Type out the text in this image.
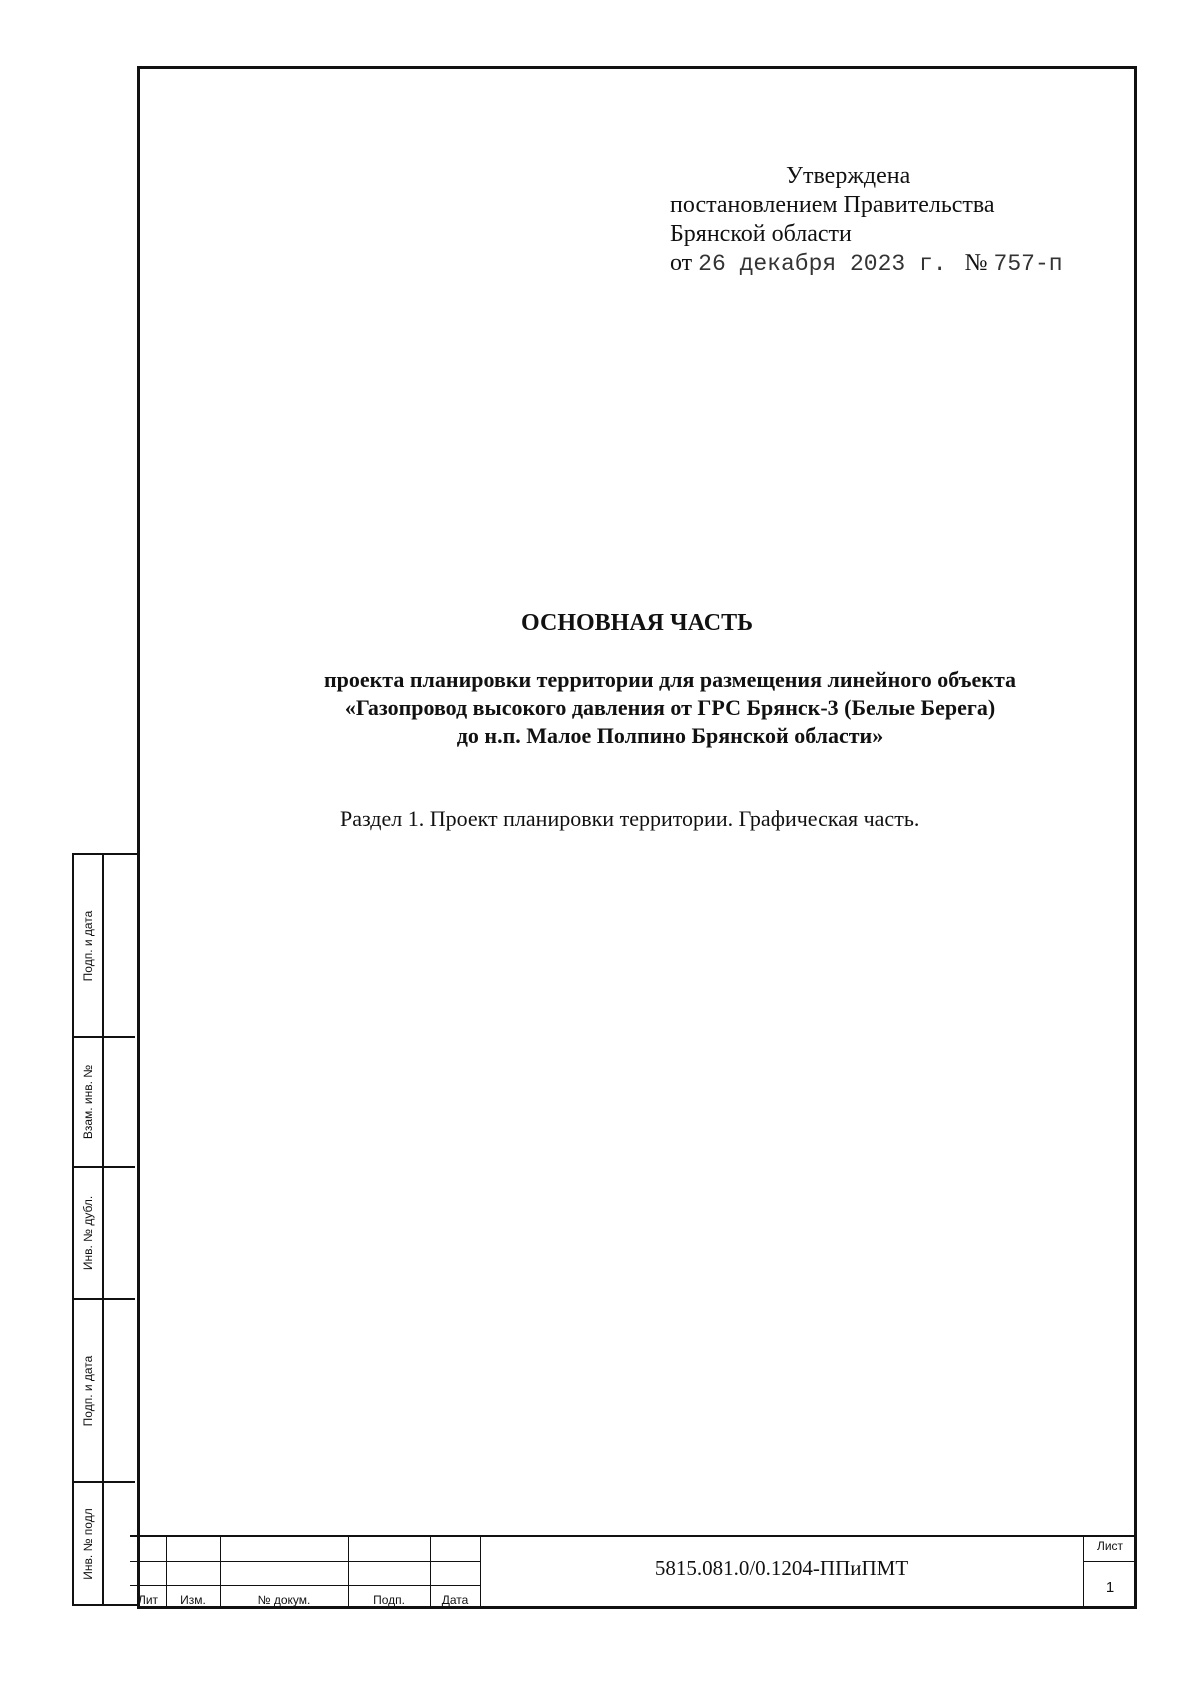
Утверждена
постановлением Правительства
Брянской области
от 26 декабря 2023 г. № 757-п
ОСНОВНАЯ ЧАСТЬ
проекта планировки территории для размещения линейного объекта
«Газопровод высокого давления от ГРС Брянск-3 (Белые Берега)
до н.п. Малое Полпино Брянской области»
Раздел 1. Проект планировки территории. Графическая часть.
Подп. и дата
Взам. инв. №
Инв. № дубл.
Подп. и дата
Инв. № подл
Лит	Изм.	№ докум.	Подп.	Дата
5815.081.0/0.1204-ППиПМТ
Лист
1
